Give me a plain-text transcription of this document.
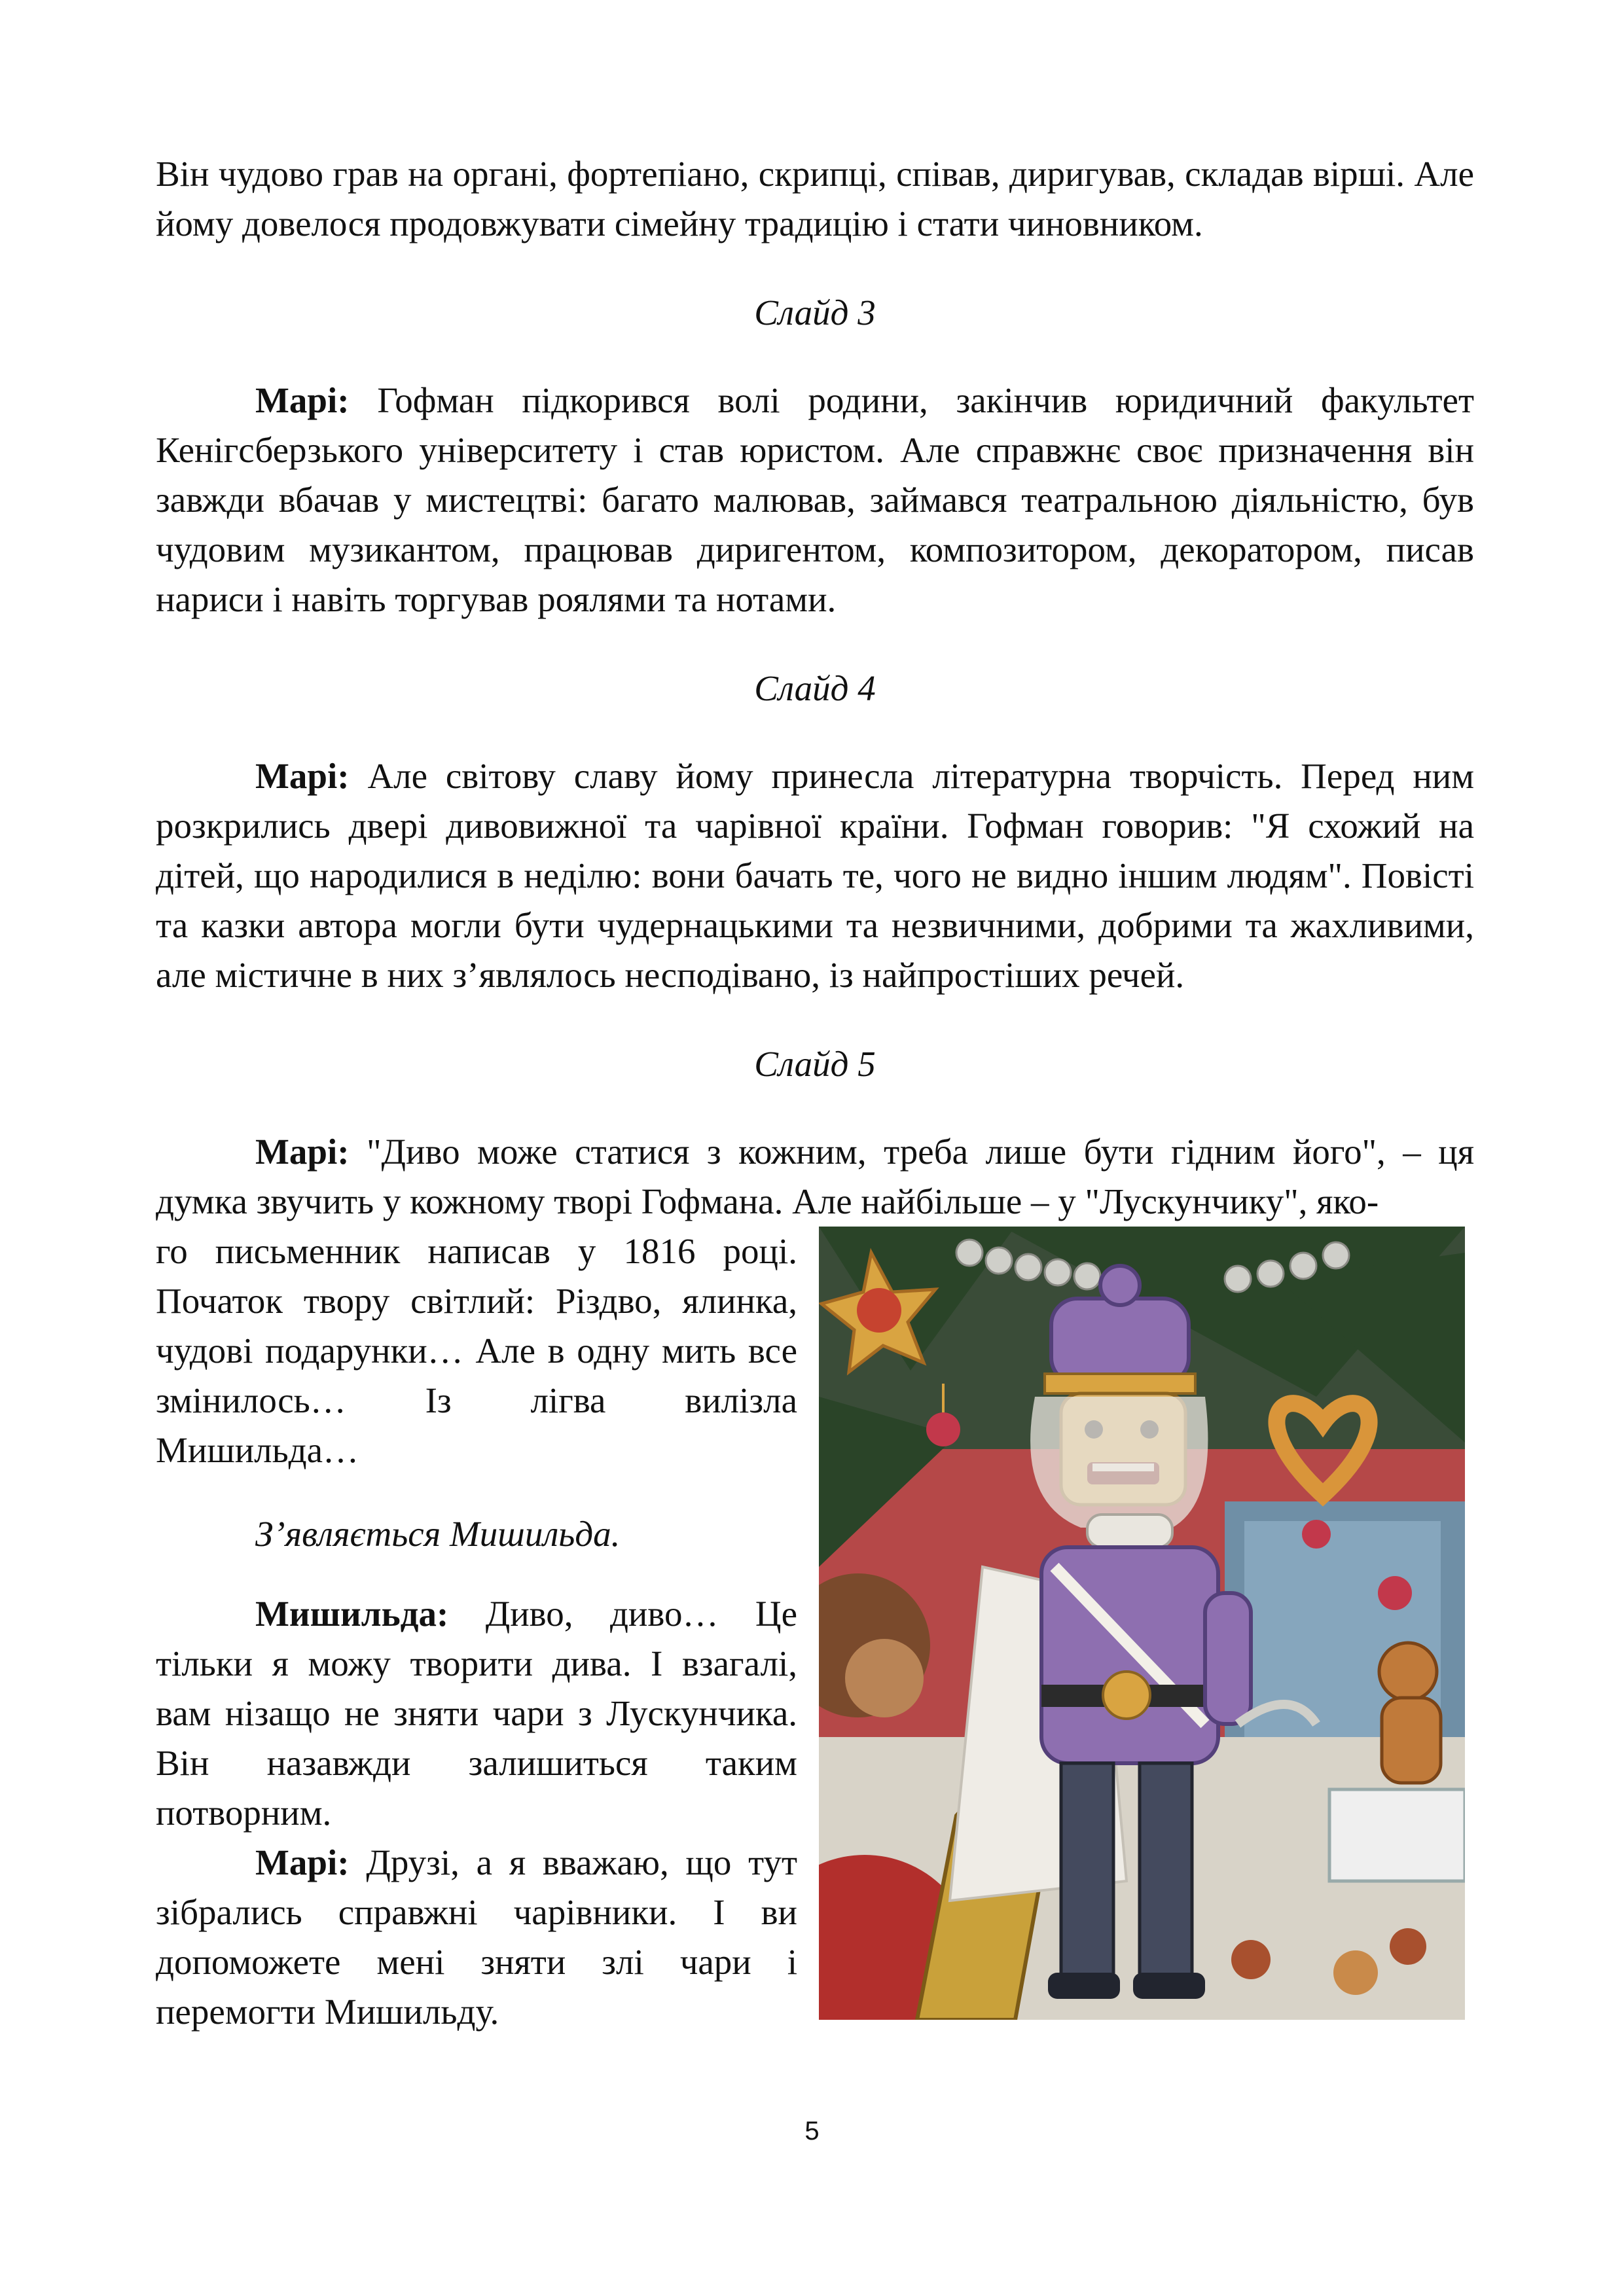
Він чудово грав на органі, фортепіано, скрипці, співав, диригував, складав вірші. Але йому довелося продовжувати сімейну традицію і стати чиновником.

Слайд 3

Марі: Гофман підкорився волі родини, закінчив юридичний факультет Кенігсберзького університету і став юристом. Але справжнє своє призначення він завжди вбачав у мистецтві: багато малював, займався театральною діяльністю, був чудовим музикантом, працював диригентом, композитором, декоратором, писав нариси і навіть торгував роялями та нотами.

Слайд 4

Марі: Але світову славу йому принесла літературна творчість. Перед ним розкрились двері дивовижної та чарівної країни. Гофман говорив: "Я схожий на дітей, що народилися в неділю: вони бачать те, чого не видно іншим людям". Повісті та казки автора могли бути чудернацькими та незвичними, добрими та жахливими, але містичне в них з’являлось несподівано, із найпростіших речей.

Слайд 5

Марі: "Диво може статися з кожним, треба лише бути гідним його", – ця думка звучить у кожному творі Гофмана. Але найбільше – у "Лускунчику", яко-

го письменник написав у 1816 році. Початок твору світлий: Різдво, ялинка, чудові подарунки… Але в одну мить все змінилось… Із лігва вилізла Мишильда…

З’являється Мишильда.

Мишильда: Диво, диво… Це тільки я можу творити дива. І взагалі, вам нізащо не зняти чари з Лускунчика. Він назавжди залишиться таким потворним.

Марі: Друзі, а я вважаю, що тут зібрались справжні чарівники. І ви допоможете мені зняти злі чари і перемогти Мишильду.

5
